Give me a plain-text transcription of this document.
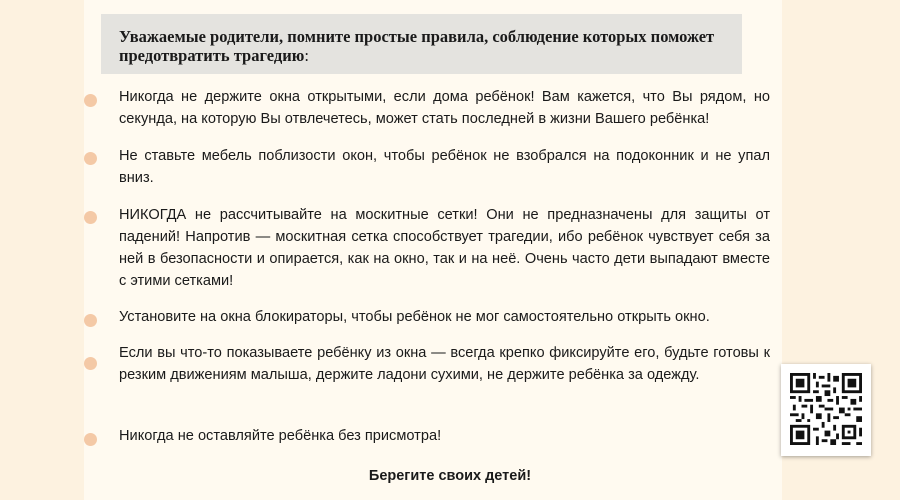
Уважаемые родители, помните простые правила, соблюдение которых поможет предотвратить трагедию:
Никогда не держите окна открытыми, если дома ребёнок! Вам кажется, что Вы рядом, но секунда, на которую Вы отвлечетесь, может стать последней в жизни Вашего ребёнка!
Не ставьте мебель поблизости окон, чтобы ребёнок не взобрался на подоконник и не упал вниз.
НИКОГДА не рассчитывайте на москитные сетки! Они не предназначены для защиты от падений! Напротив — москитная сетка способствует трагедии, ибо ребёнок чувствует себя за ней в безопасности и опирается, как на окно, так и на неё. Очень часто дети выпадают вместе с этими сетками!
Установите на окна блокираторы, чтобы ребёнок не мог самостоятельно открыть окно.
Если вы что-то показываете ребёнку из окна — всегда крепко фиксируйте его, будьте готовы к резким движениям малыша, держите ладони сухими, не держите ребёнка за одежду.
Никогда не оставляйте ребёнка без присмотра!
Берегите своих детей!
